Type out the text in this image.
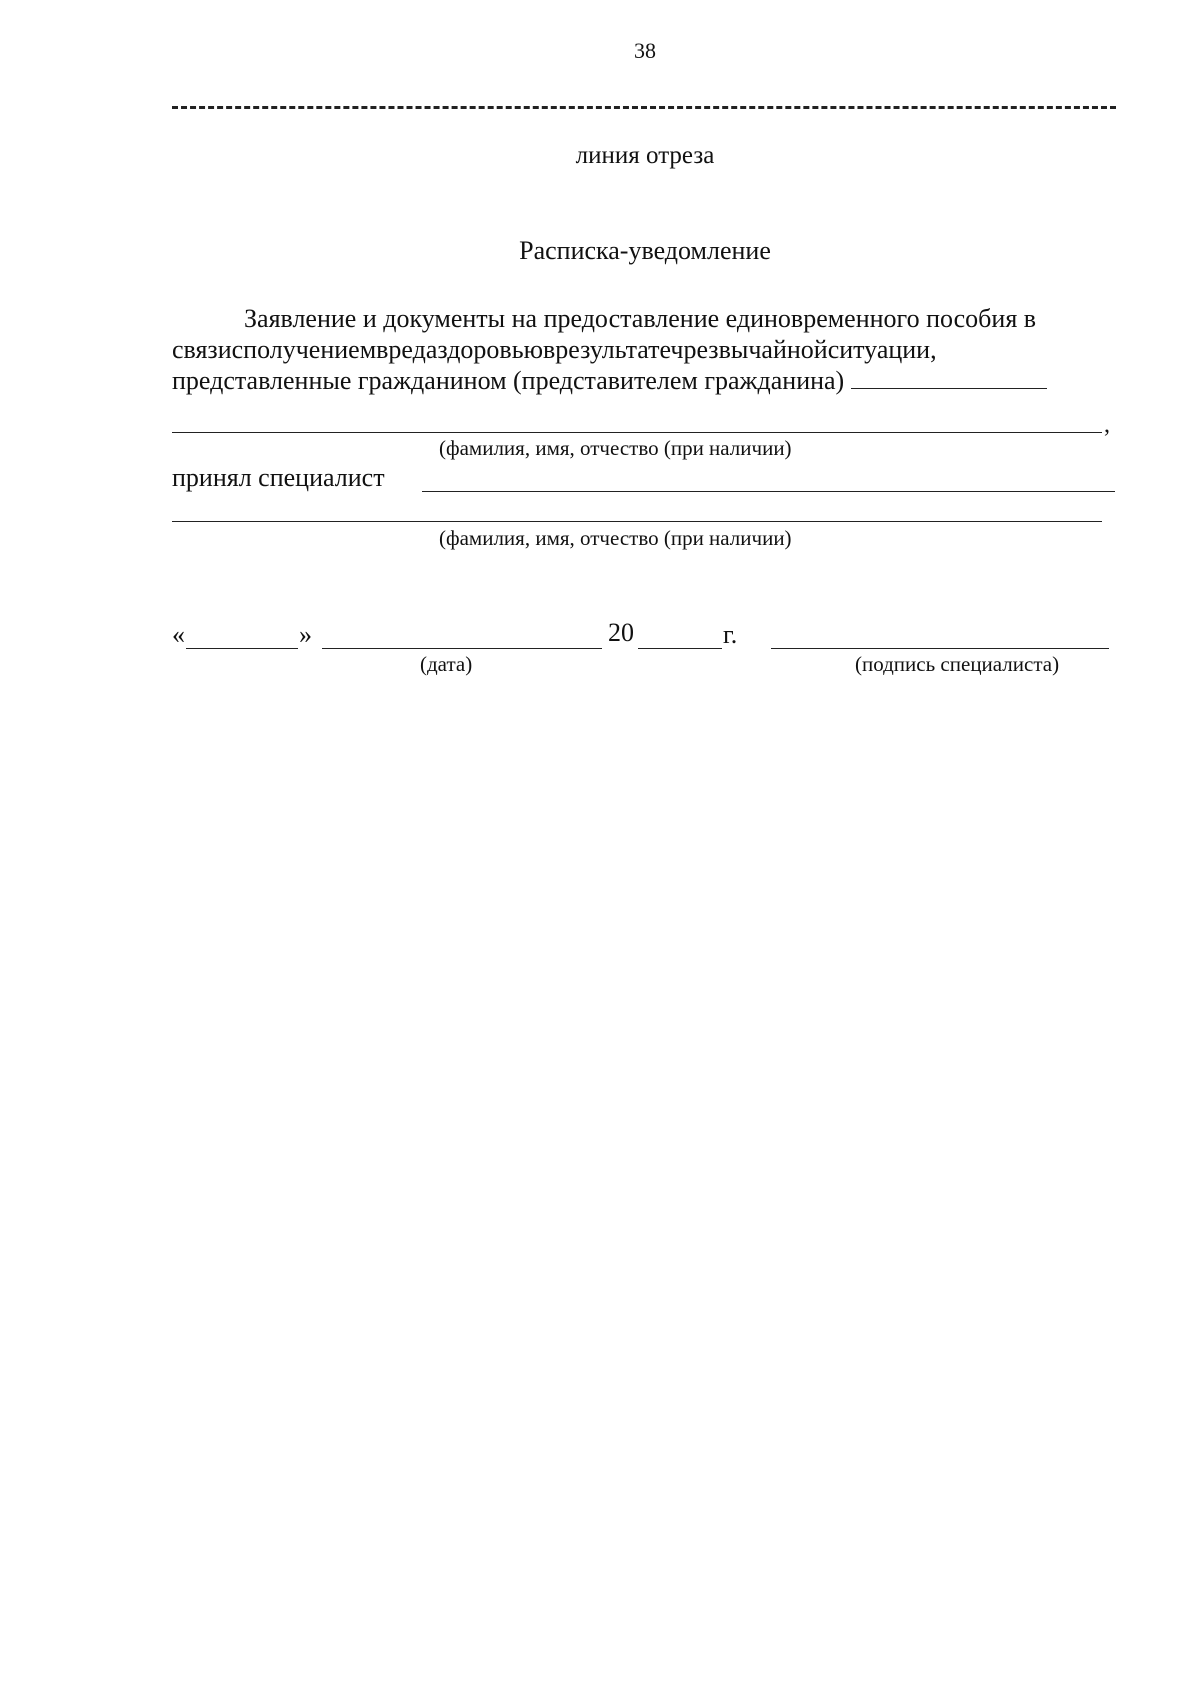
38
линия отреза
Расписка-уведомление
Заявление и документы на предоставление единовременного пособия в
связисполучениемвредаздоровьюврезультатечрезвычайнойситуации,
представленные гражданином (представителем гражданина)
,
(фамилия, имя, отчество (при наличии)
принял специалист
(фамилия, имя, отчество (при наличии)
«	»	20	г.
(дата)	(подпись специалиста)
